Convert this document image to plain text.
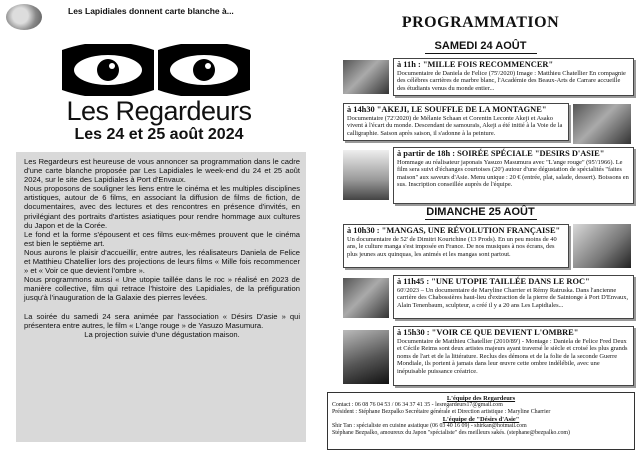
Les Lapidiales donnent carte blanche à...
Les Regardeurs
Les 24 et 25 août 2024

Les Regardeurs est heureuse de vous annoncer sa programmation dans le cadre d'une carte blanche proposée par Les Lapidiales le week-end du 24 et 25 août 2024, sur le site des Lapidiales à Port d'Envaux.

Nous proposons de souligner les liens entre le cinéma et les multiples disciplines artistiques, autour de 6 films, en associant la diffusion de films de fiction, de documentaires, avec des lectures et des rencontres en présence d'invités, en privilégiant des portraits d'artistes asiatiques pour rendre hommage aux cultures du Japon et de la Corée.

Le fond et la forme s'épousent et ces films eux-mêmes prouvent que le cinéma est bien le septième art.

Nous aurons le plaisir d'accueillir, entre autres, les réalisateurs Daniela de Felice et Matthieu Chatellier lors des projections de leurs films « Mille fois recommencer » et « Voir ce que devient l'ombre ».

Nous programmons aussi « Une utopie taillée dans le roc » réalisé en 2023 de manière collective, film qui retrace l'histoire des Lapidiales, de la préfiguration jusqu'à l'inauguration de la Galaxie des pierres levées.

La soirée du samedi 24 sera animée par l'association « Désirs D'asie » qui présentera entre autres, le film « L'ange rouge » de Yasuzo Masumura.

La projection suivie d'une dégustation maison.

PROGRAMMATION
SAMEDI 24 AOÛT
à 11h : "MILLE FOIS RECOMMENCER"
Documentaire de Daniela de Felice (75'/2020) Image : Matthieu Chatellier En compagnie des célèbres carrières de marbre blanc, l'Académie des Beaux-Arts de Carrare accueille des étudiants venus du monde entier...
à 14h30 "AKEJI, LE SOUFFLE DE LA MONTAGNE"
Documentaire (72'/2020) de Mélanie Schaan et Corentin Leconte Akeji et Asako vivent à l'écart du monde. Descendant de samouraïs, Akeji a été initié à la Voie de la calligraphie. Saison après saison, il s'adonne à la peinture.
à partir de 18h : SOIRÉE SPÉCIALE "DESIRS D'ASIE"
Hommage au réalisateur japonais Yasuzo Masumura avec "L'ange rouge" (95'/1966). Le film sera suivi d'échanges courtoises (20') autour d'une dégustation de spécialités "faites maison" aux saveurs d'Asie. Menu unique : 20 € (entrée, plat, salade, dessert). Boissons en sus. Inscription conseillée auprès de l'équipe.
DIMANCHE 25 AOÛT
à 10h30 : "MANGAS, UNE RÉVOLUTION FRANÇAISE"
Un documentaire de 52' de Dimitri Kourtchine (13 Prods). En un peu moins de 40 ans, le culture manga s'est imposée en France. De nos musiques à nos écrans, des plus jeunes aux quinquas, les animés et les mangas sont partout.
à 11h45 : "UNE UTOPIE TAILLÉE DANS LE ROC"
60'/2023 – Un documentaire de Maryline Charrier et Rémy Ratruska. Dans l'ancienne carrière des Chabossières haut-lieu d'extraction de la pierre de Saintonge à Port D'Envaux, Alain Tenenbaum, sculpteur, a créé il y a 20 ans Les Lapidiales...
à 15h30 : "VOIR CE QUE DEVIENT L'OMBRE"
Documentaire de Matthieu Chatellier (2010/89') - Montage : Daniela de Felice Fred Deux et Cécile Reims sont deux artistes majeurs ayant traversé le siècle et croisé les plus grands noms de l'art et de la littérature. Reclus des démons et de la folie de la seconde Guerre Mondiale, ils portent à jamais dans leur œuvre cette ombre indélébile, avec une inépuisable puissance créatrice.
L'équipe des Regardeurs
Contact : 06 08 76 04 53 / 06 34 37 41 35 - lesregardeurs17@gmail.com
Président : Stéphane Bezpalko Secrétaire générale et Direction artistique : Maryline Charrier
L'équipe de "Désirs d'Asie"
Shir Tan : spécialiste en cuisine asiatique (06 03 40 16 09) - shirkan@hotmail.com
Stéphane Bezpalko, amoureux du Japon "spécialiste" des meilleurs sakés. (stephane@bezpalko.com)
